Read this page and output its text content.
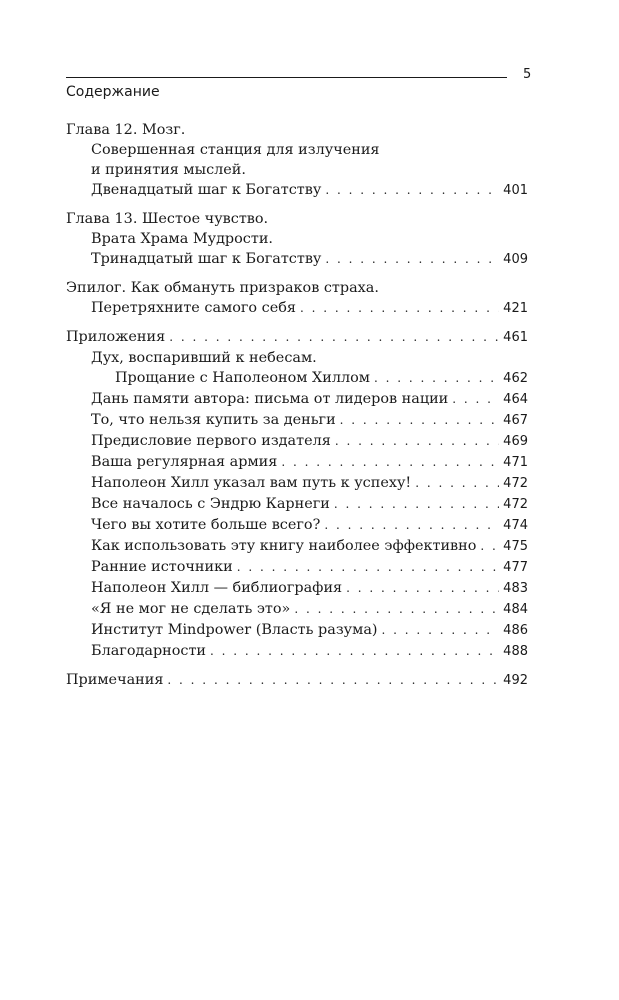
5
Содержание
Глава 12. Мозг.
Совершенная станция для излучения
и принятия мыслей.
Двенадцатый шаг к Богатству . . .	401
Глава 13. Шестое чувство.
Врата Храма Мудрости.
Тринадцатый шаг к Богатству . . .	409
Эпилог. Как обмануть призраков страха.
Перетряхните самого себя . . .	421
Приложения . . .	461
Дух, воспаривший к небесам.
Прощание с Наполеоном Хиллом . . .	462
Дань памяти автора: письма от лидеров нации . . .	464
То, что нельзя купить за деньги . . .	467
Предисловие первого издателя . . .	469
Ваша регулярная армия . . .	471
Наполеон Хилл указал вам путь к успеху! . . .	472
Все началось с Эндрю Карнеги . . .	472
Чего вы хотите больше всего? . . .	474
Как использовать эту книгу наиболее эффективно . . . 475
Ранние источники . . .	477
Наполеон Хилл — библиография . . .	483
«Я не мог не сделать это» . . .	484
Институт Mindpower (Власть разума) . . .	486
Благодарности . . .	488
Примечания . . .	492
